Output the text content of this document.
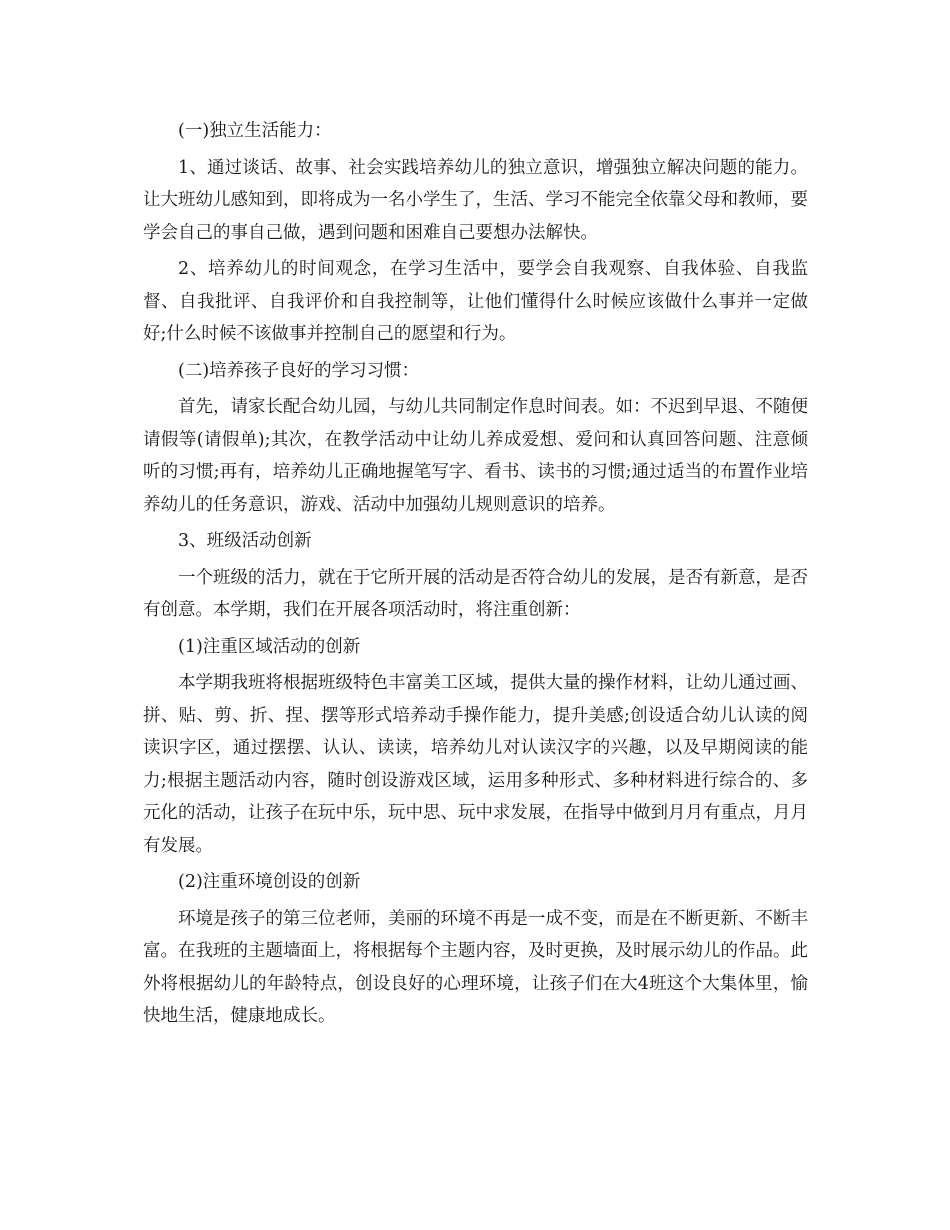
(一)独立生活能力：

1、通过谈话、故事、社会实践培养幼儿的独立意识，增强独立解决问题的能力。让大班幼儿感知到，即将成为一名小学生了，生活、学习不能完全依靠父母和教师，要学会自己的事自己做，遇到问题和困难自己要想办法解快。

2、培养幼儿的时间观念，在学习生活中，要学会自我观察、自我体验、自我监督、自我批评、自我评价和自我控制等，让他们懂得什么时候应该做什么事并一定做好;什么时候不该做事并控制自己的愿望和行为。

(二)培养孩子良好的学习习惯：

首先，请家长配合幼儿园，与幼儿共同制定作息时间表。如：不迟到早退、不随便请假等(请假单);其次，在教学活动中让幼儿养成爱想、爱问和认真回答问题、注意倾听的习惯;再有，培养幼儿正确地握笔写字、看书、读书的习惯;通过适当的布置作业培养幼儿的任务意识，游戏、活动中加强幼儿规则意识的培养。

3、班级活动创新

一个班级的活力，就在于它所开展的活动是否符合幼儿的发展，是否有新意，是否有创意。本学期，我们在开展各项活动时，将注重创新：

(1)注重区域活动的创新

本学期我班将根据班级特色丰富美工区域，提供大量的操作材料，让幼儿通过画、拼、贴、剪、折、捏、摆等形式培养动手操作能力，提升美感;创设适合幼儿认读的阅读识字区，通过摆摆、认认、读读，培养幼儿对认读汉字的兴趣，以及早期阅读的能力;根据主题活动内容，随时创设游戏区域，运用多种形式、多种材料进行综合的、多元化的活动，让孩子在玩中乐，玩中思、玩中求发展，在指导中做到月月有重点，月月有发展。

(2)注重环境创设的创新

环境是孩子的第三位老师，美丽的环境不再是一成不变，而是在不断更新、不断丰富。在我班的主题墙面上，将根据每个主题内容，及时更换，及时展示幼儿的作品。此外将根据幼儿的年龄特点，创设良好的心理环境，让孩子们在大4班这个大集体里，愉快地生活，健康地成长。
